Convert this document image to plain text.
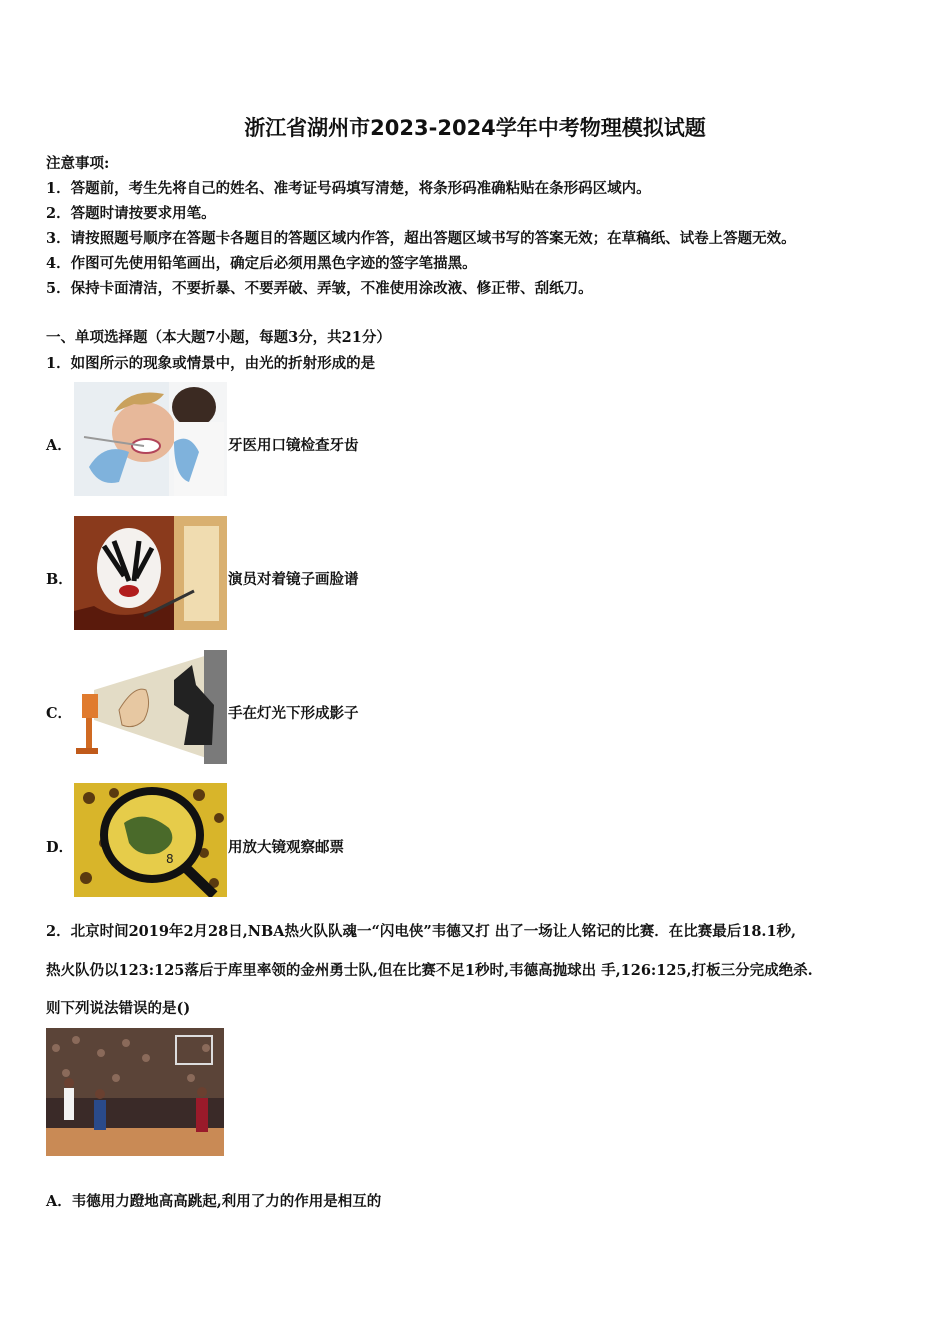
浙江省湖州市2023-2024学年中考物理模拟试题
注意事项:
1．答题前，考生先将自己的姓名、准考证号码填写清楚，将条形码准确粘贴在条形码区域内。
2．答题时请按要求用笔。
3．请按照题号顺序在答题卡各题目的答题区域内作答，超出答题区域书写的答案无效；在草稿纸、试卷上答题无效。
4．作图可先使用铅笔画出，确定后必须用黑色字迹的签字笔描黑。
5．保持卡面清洁，不要折暴、不要弄破、弄皱，不准使用涂改液、修正带、刮纸刀。
一、单项选择题（本大题7小题，每题3分，共21分）
1．如图所示的现象或情景中，由光的折射形成的是
A．	牙医用口镜检查牙齿
B．	演员对着镜子画脸谱
C．	手在灯光下形成影子
D．
8
用放大镜观察邮票
2．北京时间2019年2月28日,NBA热火队队魂一“闪电侠”韦德又打 出了一场让人铭记的比赛．在比赛最后18.1秒,
热火队仍以123:125落后于库里率领的金州勇士队,但在比赛不足1秒时,韦德高抛球出 手,126:125,打板三分完成绝杀.
则下列说法错误的是()
A．韦德用力蹬地高高跳起,利用了力的作用是相互的
